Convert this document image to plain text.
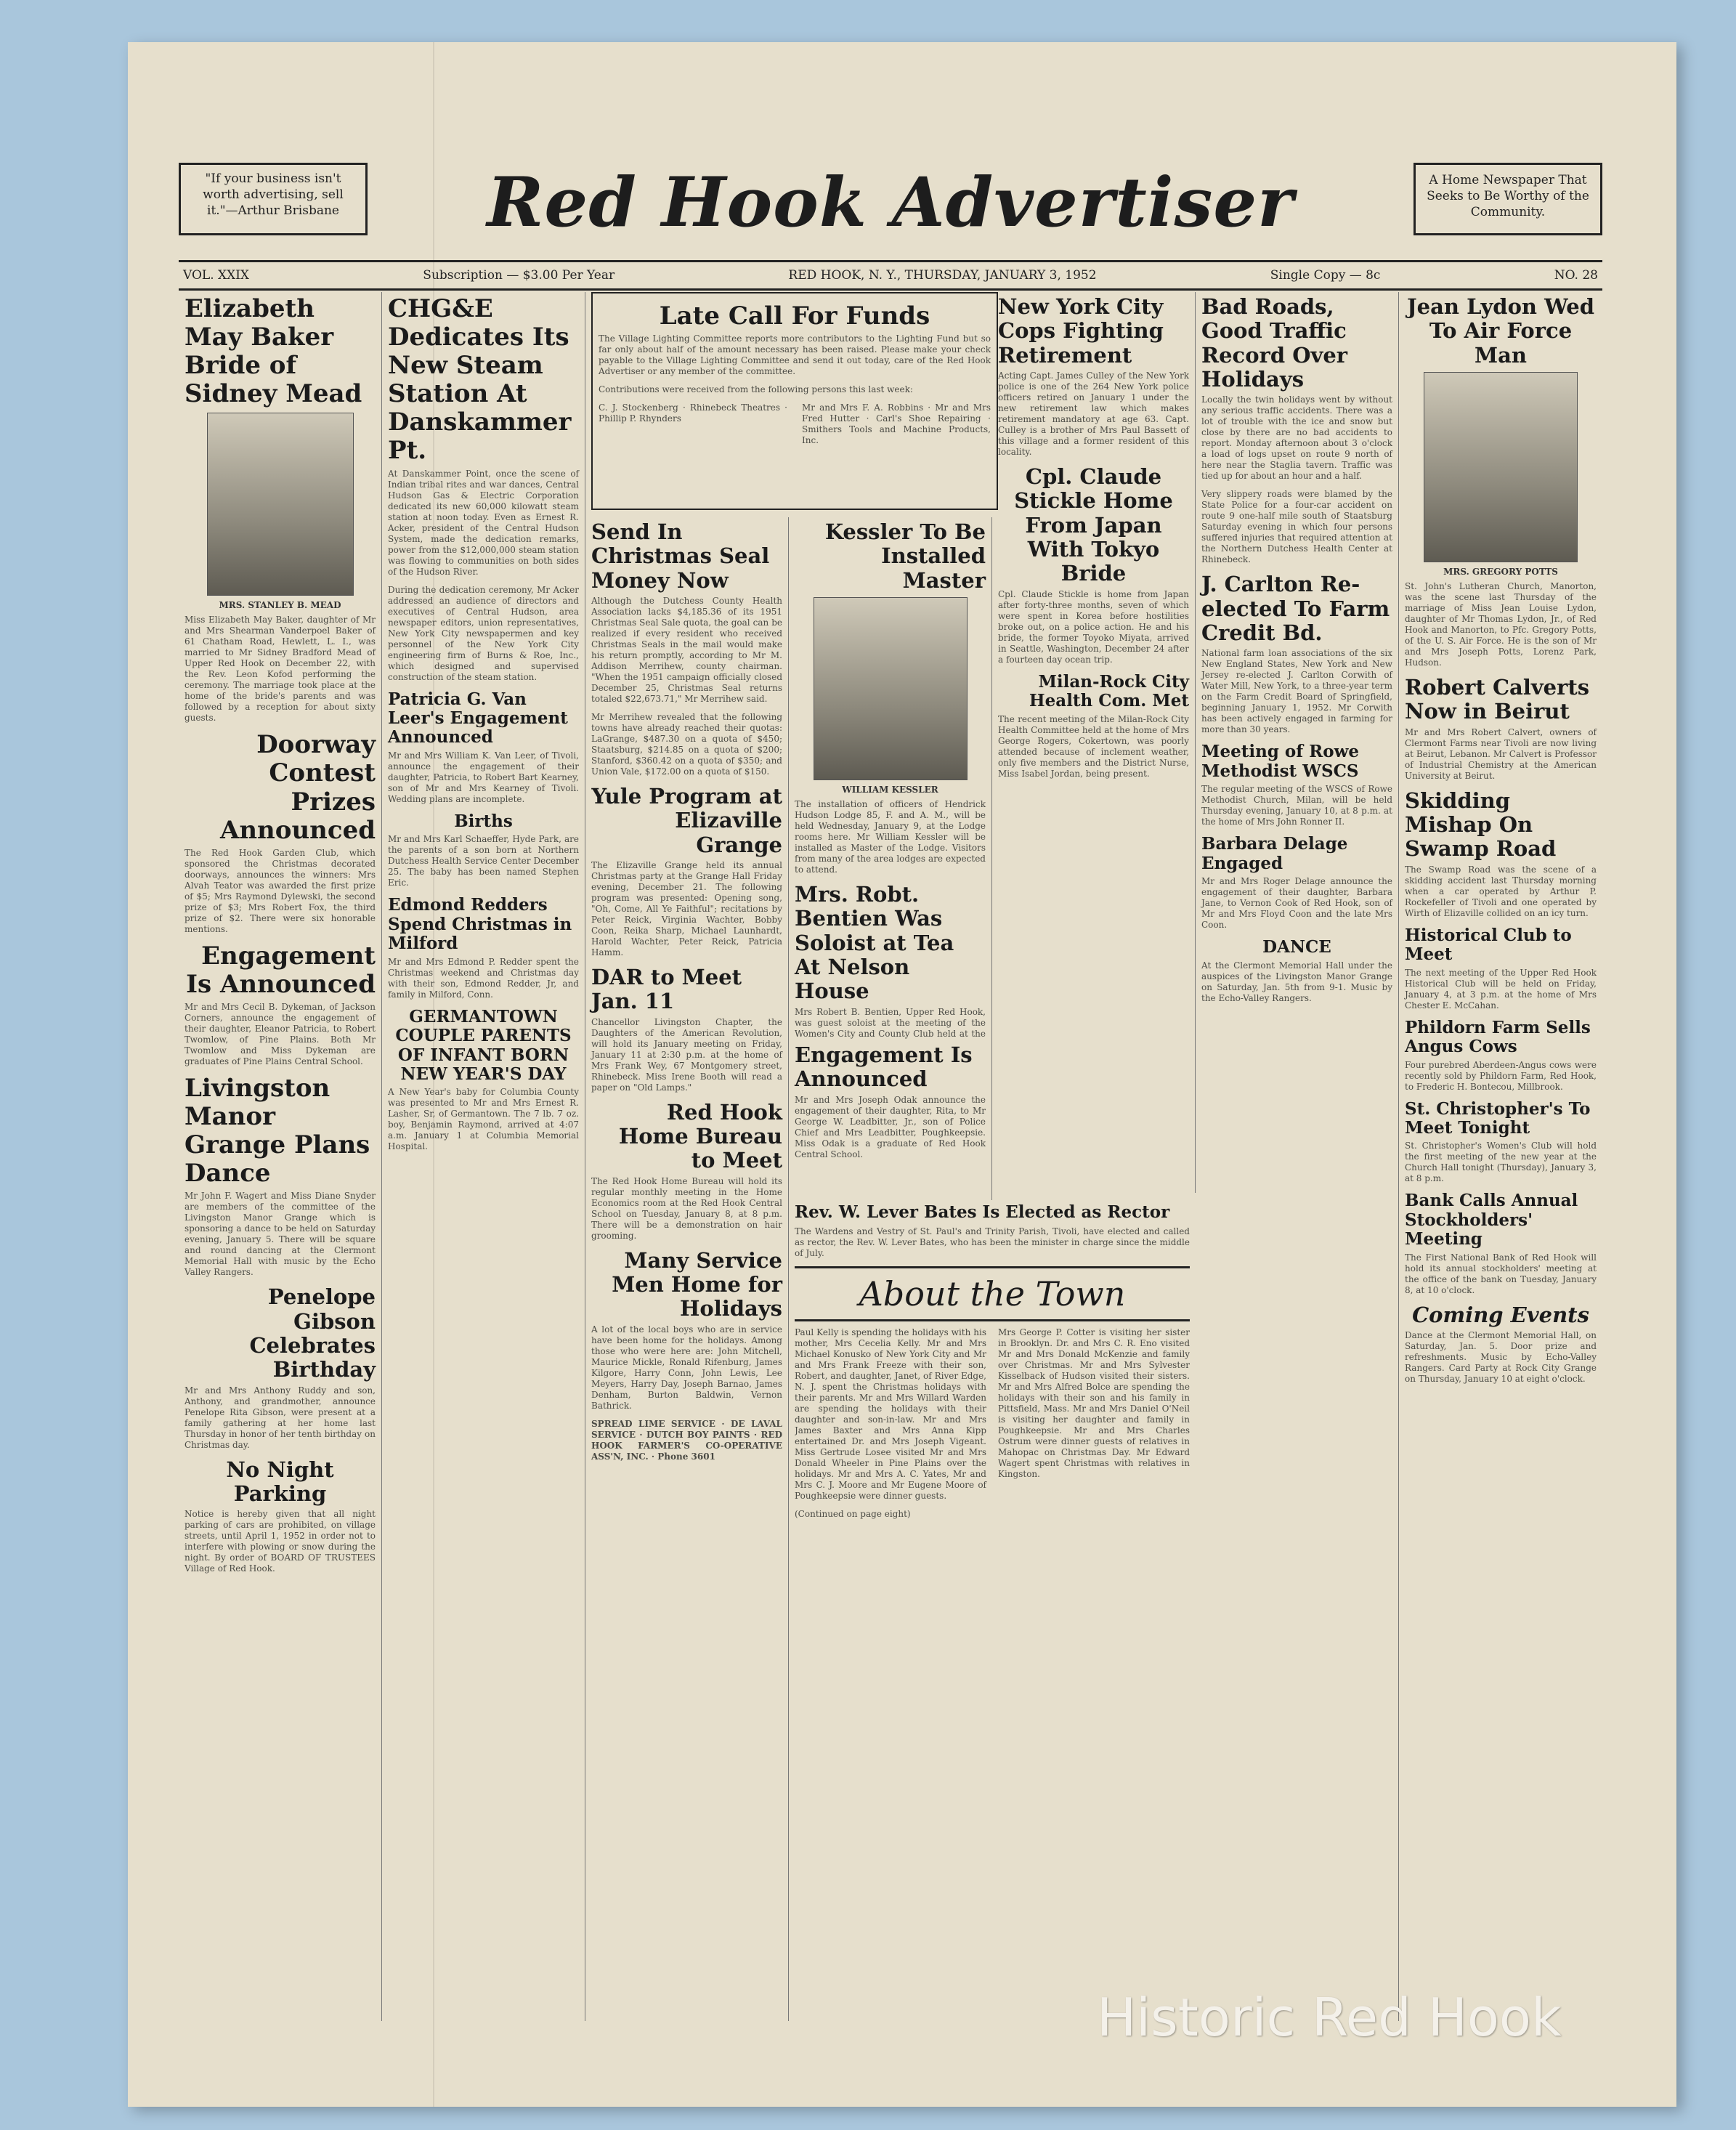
"If your business isn't worth advertising, sell it."—Arthur Brisbane	Red Hook Advertiser	A Home Newspaper That Seeks to Be Worthy of the Community.
VOL. XXIX	Subscription — $3.00 Per Year	RED HOOK, N. Y., THURSDAY, JANUARY 3, 1952	Single Copy — 8c	NO. 28
Elizabeth May Baker Bride of Sidney Mead
MRS. STANLEY B. MEAD

Miss Elizabeth May Baker, daughter of Mr and Mrs Shearman Vanderpoel Baker of 61 Chatham Road, Hewlett, L. I., was married to Mr Sidney Bradford Mead of Upper Red Hook on December 22, with the Rev. Leon Kofod performing the ceremony. The marriage took place at the home of the bride's parents and was followed by a reception for about sixty guests.

Doorway Contest Prizes Announced

The Red Hook Garden Club, which sponsored the Christmas decorated doorways, announces the winners: Mrs Alvah Teator was awarded the first prize of $5; Mrs Raymond Dylewski, the second prize of $3; Mrs Robert Fox, the third prize of $2. There were six honorable mentions.

Engagement Is Announced

Mr and Mrs Cecil B. Dykeman, of Jackson Corners, announce the engagement of their daughter, Eleanor Patricia, to Robert Twomlow, of Pine Plains. Both Mr Twomlow and Miss Dykeman are graduates of Pine Plains Central School.

Livingston Manor Grange Plans Dance

Mr John F. Wagert and Miss Diane Snyder are members of the committee of the Livingston Manor Grange which is sponsoring a dance to be held on Saturday evening, January 5. There will be square and round dancing at the Clermont Memorial Hall with music by the Echo Valley Rangers.

Penelope Gibson Celebrates Birthday

Mr and Mrs Anthony Ruddy and son, Anthony, and grandmother, announce Penelope Rita Gibson, were present at a family gathering at her home last Thursday in honor of her tenth birthday on Christmas day.

No Night Parking

Notice is hereby given that all night parking of cars are prohibited, on village streets, until April 1, 1952 in order not to interfere with plowing or snow during the night. By order of BOARD OF TRUSTEES Village of Red Hook.

CHG&E Dedicates Its New Steam Station At Danskammer Pt.

At Danskammer Point, once the scene of Indian tribal rites and war dances, Central Hudson Gas & Electric Corporation dedicated its new 60,000 kilowatt steam station at noon today. Even as Ernest R. Acker, president of the Central Hudson System, made the dedication remarks, power from the $12,000,000 steam station was flowing to communities on both sides of the Hudson River.

During the dedication ceremony, Mr Acker addressed an audience of directors and executives of Central Hudson, area newspaper editors, union representatives, New York City newspapermen and key personnel of the New York City engineering firm of Burns & Roe, Inc., which designed and supervised construction of the steam station.

Patricia G. Van Leer's Engagement Announced

Mr and Mrs William K. Van Leer, of Tivoli, announce the engagement of their daughter, Patricia, to Robert Bart Kearney, son of Mr and Mrs Kearney of Tivoli. Wedding plans are incomplete.

Births

Mr and Mrs Karl Schaeffer, Hyde Park, are the parents of a son born at Northern Dutchess Health Service Center December 25. The baby has been named Stephen Eric.

Edmond Redders Spend Christmas in Milford

Mr and Mrs Edmond P. Redder spent the Christmas weekend and Christmas day with their son, Edmond Redder, Jr, and family in Milford, Conn.

GERMANTOWN COUPLE PARENTS OF INFANT BORN NEW YEAR'S DAY

A New Year's baby for Columbia County was presented to Mr and Mrs Ernest R. Lasher, Sr, of Germantown. The 7 lb. 7 oz. boy, Benjamin Raymond, arrived at 4:07 a.m. January 1 at Columbia Memorial Hospital.

Late Call For Funds

The Village Lighting Committee reports more contributors to the Lighting Fund but so far only about half of the amount necessary has been raised. Please make your check payable to the Village Lighting Committee and send it out today, care of the Red Hook Advertiser or any member of the committee.

Contributions were received from the following persons this last week:

C. J. Stockenberg · Rhinebeck Theatres · Phillip P. Rhynders

Mr and Mrs F. A. Robbins · Mr and Mrs Fred Hutter · Carl's Shoe Repairing · Smithers Tools and Machine Products, Inc.

Send In Christmas Seal Money Now

Although the Dutchess County Health Association lacks $4,185.36 of its 1951 Christmas Seal Sale quota, the goal can be realized if every resident who received Christmas Seals in the mail would make his return promptly, according to Mr M. Addison Merrihew, county chairman. "When the 1951 campaign officially closed December 25, Christmas Seal returns totaled $22,673.71," Mr Merrihew said.

Mr Merrihew revealed that the following towns have already reached their quotas: LaGrange, $487.30 on a quota of $450; Staatsburg, $214.85 on a quota of $200; Stanford, $360.42 on a quota of $350; and Union Vale, $172.00 on a quota of $150.

Yule Program at Elizaville Grange

The Elizaville Grange held its annual Christmas party at the Grange Hall Friday evening, December 21. The following program was presented: Opening song, "Oh, Come, All Ye Faithful"; recitations by Peter Reick, Virginia Wachter, Bobby Coon, Reika Sharp, Michael Launhardt, Harold Wachter, Peter Reick, Patricia Hamm.

DAR to Meet Jan. 11

Chancellor Livingston Chapter, the Daughters of the American Revolution, will hold its January meeting on Friday, January 11 at 2:30 p.m. at the home of Mrs Frank Wey, 67 Montgomery street, Rhinebeck. Miss Irene Booth will read a paper on "Old Lamps."

Red Hook Home Bureau to Meet

The Red Hook Home Bureau will hold its regular monthly meeting in the Home Economics room at the Red Hook Central School on Tuesday, January 8, at 8 p.m. There will be a demonstration on hair grooming.

Many Service Men Home for Holidays

A lot of the local boys who are in service have been home for the holidays. Among those who were here are: John Mitchell, Maurice Mickle, Ronald Rifenburg, James Kilgore, Harry Conn, John Lewis, Lee Meyers, Harry Day, Joseph Barnao, James Denham, Burton Baldwin, Vernon Bathrick.

SPREAD LIME SERVICE · DE LAVAL SERVICE · DUTCH BOY PAINTS · RED HOOK FARMER'S CO-OPERATIVE ASS'N, INC. · Phone 3601

Kessler To Be Installed Master
WILLIAM KESSLER

The installation of officers of Hendrick Hudson Lodge 85, F. and A. M., will be held Wednesday, January 9, at the Lodge rooms here. Mr William Kessler will be installed as Master of the Lodge. Visitors from many of the area lodges are expected to attend.

Mrs. Robt. Bentien Was Soloist at Tea At Nelson House

Mrs Robert B. Bentien, Upper Red Hook, was guest soloist at the meeting of the Women's City and County Club held at the

New York City Cops Fighting Retirement

Acting Capt. James Culley of the New York police is one of the 264 New York police officers retired on January 1 under the new retirement law which makes retirement mandatory at age 63. Capt. Culley is a brother of Mrs Paul Bassett of this village and a former resident of this locality.

Cpl. Claude Stickle Home From Japan With Tokyo Bride

Cpl. Claude Stickle is home from Japan after forty-three months, seven of which were spent in Korea before hostilities broke out, on a police action. He and his bride, the former Toyoko Miyata, arrived in Seattle, Washington, December 24 after a fourteen day ocean trip.

Milan-Rock City Health Com. Met

The recent meeting of the Milan-Rock City Health Committee held at the home of Mrs George Rogers, Cokertown, was poorly attended because of inclement weather, only five members and the District Nurse, Miss Isabel Jordan, being present.

Engagement Is Announced

Mr and Mrs Joseph Odak announce the engagement of their daughter, Rita, to Mr George W. Leadbitter, Jr., son of Police Chief and Mrs Leadbitter, Poughkeepsie. Miss Odak is a graduate of Red Hook Central School.

Rev. W. Lever Bates Is Elected as Rector

The Wardens and Vestry of St. Paul's and Trinity Parish, Tivoli, have elected and called as rector, the Rev. W. Lever Bates, who has been the minister in charge since the middle of July.

About the Town

Paul Kelly is spending the holidays with his mother, Mrs Cecelia Kelly. Mr and Mrs Michael Konusko of New York City and Mr and Mrs Frank Freeze with their son, Robert, and daughter, Janet, of River Edge, N. J. spent the Christmas holidays with their parents. Mr and Mrs Willard Warden are spending the holidays with their daughter and son-in-law. Mr and Mrs James Baxter and Mrs Anna Kipp entertained Dr. and Mrs Joseph Vigeant. Miss Gertrude Losee visited Mr and Mrs Donald Wheeler in Pine Plains over the holidays. Mr and Mrs A. C. Yates, Mr and Mrs C. J. Moore and Mr Eugene Moore of Poughkeepsie were dinner guests.

Mrs George P. Cotter is visiting her sister in Brooklyn. Dr. and Mrs C. R. Eno visited Mr and Mrs Donald McKenzie and family over Christmas. Mr and Mrs Sylvester Kisselback of Hudson visited their sisters. Mr and Mrs Alfred Bolce are spending the holidays with their son and his family in Pittsfield, Mass. Mr and Mrs Daniel O'Neil is visiting her daughter and family in Poughkeepsie. Mr and Mrs Charles Ostrum were dinner guests of relatives in Mahopac on Christmas Day. Mr Edward Wagert spent Christmas with relatives in Kingston.

(Continued on page eight)

Bad Roads, Good Traffic Record Over Holidays

Locally the twin holidays went by without any serious traffic accidents. There was a lot of trouble with the ice and snow but close by there are no bad accidents to report. Monday afternoon about 3 o'clock a load of logs upset on route 9 north of here near the Staglia tavern. Traffic was tied up for about an hour and a half.

Very slippery roads were blamed by the State Police for a four-car accident on route 9 one-half mile south of Staatsburg Saturday evening in which four persons suffered injuries that required attention at the Northern Dutchess Health Center at Rhinebeck.

J. Carlton Re-elected To Farm Credit Bd.

National farm loan associations of the six New England States, New York and New Jersey re-elected J. Carlton Corwith of Water Mill, New York, to a three-year term on the Farm Credit Board of Springfield, beginning January 1, 1952. Mr Corwith has been actively engaged in farming for more than 30 years.

Meeting of Rowe Methodist WSCS

The regular meeting of the WSCS of Rowe Methodist Church, Milan, will be held Thursday evening, January 10, at 8 p.m. at the home of Mrs John Ronner II.

Barbara Delage Engaged

Mr and Mrs Roger Delage announce the engagement of their daughter, Barbara Jane, to Vernon Cook of Red Hook, son of Mr and Mrs Floyd Coon and the late Mrs Coon.

DANCE

At the Clermont Memorial Hall under the auspices of the Livingston Manor Grange on Saturday, Jan. 5th from 9-1. Music by the Echo-Valley Rangers.

Jean Lydon Wed To Air Force Man
MRS. GREGORY POTTS

St. John's Lutheran Church, Manorton, was the scene last Thursday of the marriage of Miss Jean Louise Lydon, daughter of Mr Thomas Lydon, Jr., of Red Hook and Manorton, to Pfc. Gregory Potts, of the U. S. Air Force. He is the son of Mr and Mrs Joseph Potts, Lorenz Park, Hudson.

Robert Calverts Now in Beirut

Mr and Mrs Robert Calvert, owners of Clermont Farms near Tivoli are now living at Beirut, Lebanon. Mr Calvert is Professor of Industrial Chemistry at the American University at Beirut.

Skidding Mishap On Swamp Road

The Swamp Road was the scene of a skidding accident last Thursday morning when a car operated by Arthur P. Rockefeller of Tivoli and one operated by Wirth of Elizaville collided on an icy turn.

Historical Club to Meet

The next meeting of the Upper Red Hook Historical Club will be held on Friday, January 4, at 3 p.m. at the home of Mrs Chester E. McCahan.

Phildorn Farm Sells Angus Cows

Four purebred Aberdeen-Angus cows were recently sold by Phildorn Farm, Red Hook, to Frederic H. Bontecou, Millbrook.

St. Christopher's To Meet Tonight

St. Christopher's Women's Club will hold the first meeting of the new year at the Church Hall tonight (Thursday), January 3, at 8 p.m.

Bank Calls Annual Stockholders' Meeting

The First National Bank of Red Hook will hold its annual stockholders' meeting at the office of the bank on Tuesday, January 8, at 10 o'clock.

Coming Events

Dance at the Clermont Memorial Hall, on Saturday, Jan. 5. Door prize and refreshments. Music by Echo-Valley Rangers. Card Party at Rock City Grange on Thursday, January 10 at eight o'clock.

Historic Red Hook
